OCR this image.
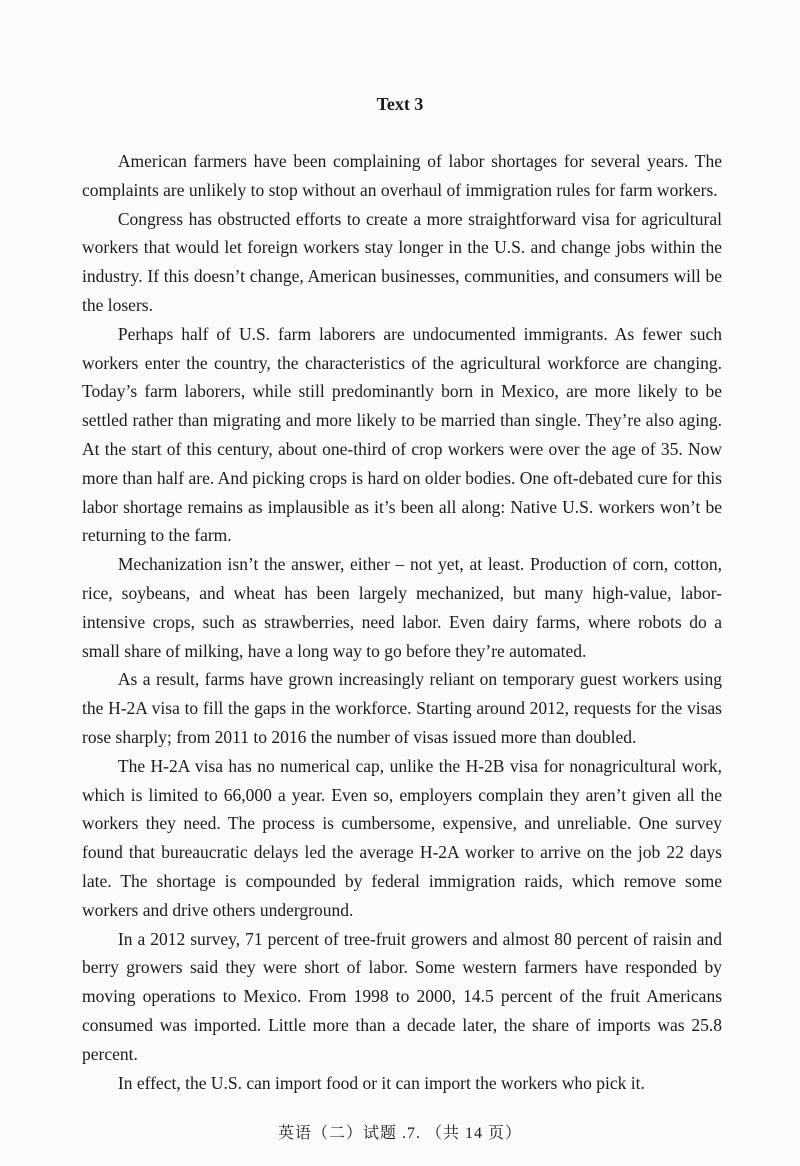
Text 3

American farmers have been complaining of labor shortages for several years. The complaints are unlikely to stop without an overhaul of immigration rules for farm workers.

Congress has obstructed efforts to create a more straightforward visa for agricultural workers that would let foreign workers stay longer in the U.S. and change jobs within the industry. If this doesn’t change, American businesses, communities, and consumers will be the losers.

Perhaps half of U.S. farm laborers are undocumented immigrants. As fewer such workers enter the country, the characteristics of the agricultural workforce are changing. Today’s farm laborers, while still predominantly born in Mexico, are more likely to be settled rather than migrating and more likely to be married than single. They’re also aging. At the start of this century, about one-third of crop workers were over the age of 35. Now more than half are. And picking crops is hard on older bodies. One oft-debated cure for this labor shortage remains as implausible as it’s been all along: Native U.S. workers won’t be returning to the farm.

Mechanization isn’t the answer, either – not yet, at least. Production of corn, cotton, rice, soybeans, and wheat has been largely mechanized, but many high-value, labor-intensive crops, such as strawberries, need labor. Even dairy farms, where robots do a small share of milking, have a long way to go before they’re automated.

As a result, farms have grown increasingly reliant on temporary guest workers using the H-2A visa to fill the gaps in the workforce. Starting around 2012, requests for the visas rose sharply; from 2011 to 2016 the number of visas issued more than doubled.

The H-2A visa has no numerical cap, unlike the H-2B visa for nonagricultural work, which is limited to 66,000 a year. Even so, employers complain they aren’t given all the workers they need. The process is cumbersome, expensive, and unreliable. One survey found that bureaucratic delays led the average H-2A worker to arrive on the job 22 days late. The shortage is compounded by federal immigration raids, which remove some workers and drive others underground.

In a 2012 survey, 71 percent of tree-fruit growers and almost 80 percent of raisin and berry growers said they were short of labor. Some western farmers have responded by moving operations to Mexico. From 1998 to 2000, 14.5 percent of the fruit Americans consumed was imported. Little more than a decade later, the share of imports was 25.8 percent.

In effect, the U.S. can import food or it can import the workers who pick it.

英语（二）试题 .7. （共 14 页）
